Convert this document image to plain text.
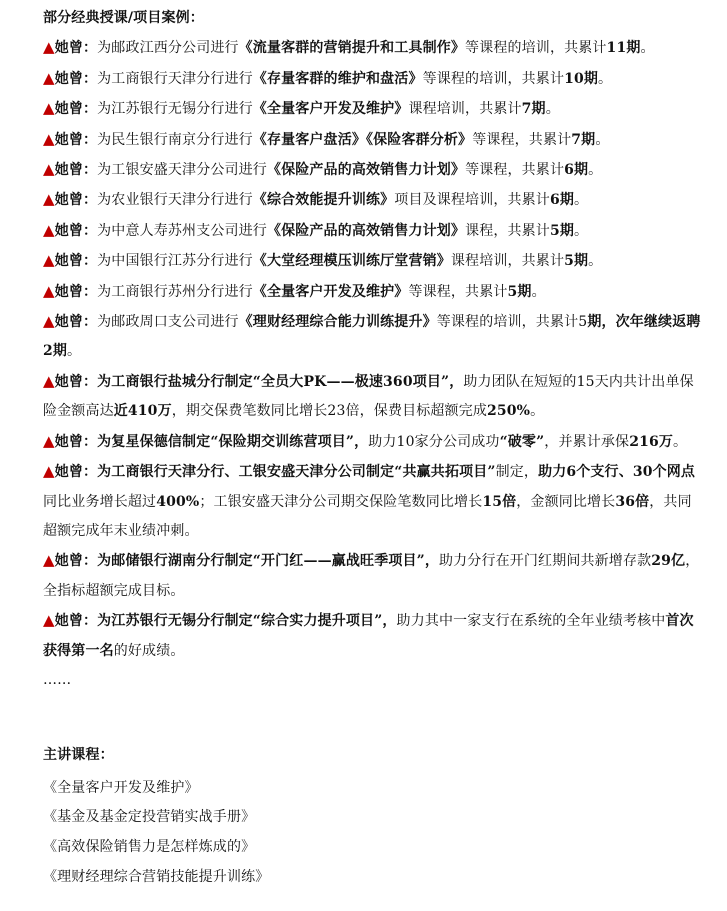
部分经典授课/项目案例：

▲她曾：为邮政江西分公司进行《流量客群的营销提升和工具制作》等课程的培训，共累计11期。

▲她曾：为工商银行天津分行进行《存量客群的维护和盘活》等课程的培训，共累计10期。

▲她曾：为江苏银行无锡分行进行《全量客户开发及维护》课程培训，共累计7期。

▲她曾：为民生银行南京分行进行《存量客户盘活》《保险客群分析》等课程，共累计7期。

▲她曾：为工银安盛天津分公司进行《保险产品的高效销售力计划》等课程，共累计6期。

▲她曾：为农业银行天津分行进行《综合效能提升训练》项目及课程培训，共累计6期。

▲她曾：为中意人寿苏州支公司进行《保险产品的高效销售力计划》课程，共累计5期。

▲她曾：为中国银行江苏分行进行《大堂经理模压训练厅堂营销》课程培训，共累计5期。

▲她曾：为工商银行苏州分行进行《全量客户开发及维护》等课程，共累计5期。

▲她曾：为邮政周口支公司进行《理财经理综合能力训练提升》等课程的培训，共累计5期，次年继续返聘2期。

▲她曾：为工商银行盐城分行制定“全员大PK——极速360项目”，助力团队在短短的15天内共计出单保险金额高达近410万，期交保费笔数同比增长23倍，保费目标超额完成250%。

▲她曾：为复星保德信制定“保险期交训练营项目”，助力10家分公司成功“破零”，并累计承保216万。

▲她曾：为工商银行天津分行、工银安盛天津分公司制定“共赢共拓项目”制定，助力6个支行、30个网点同比业务增长超过400%；工银安盛天津分公司期交保险笔数同比增长15倍，金额同比增长36倍，共同超额完成年末业绩冲刺。

▲她曾：为邮储银行湖南分行制定“开门红——赢战旺季项目”，助力分行在开门红期间共新增存款29亿，全指标超额完成目标。

▲她曾：为江苏银行无锡分行制定“综合实力提升项目”，助力其中一家支行在系统的全年业绩考核中首次获得第一名的好成绩。

……

主讲课程：

《全量客户开发及维护》

《基金及基金定投营销实战手册》

《高效保险销售力是怎样炼成的》

《理财经理综合营销技能提升训练》
